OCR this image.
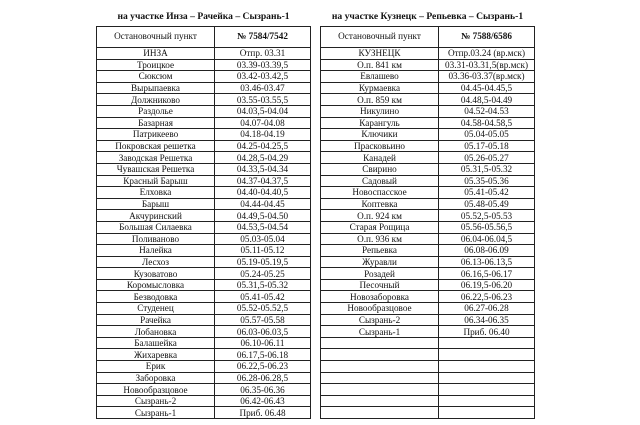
на участке Инза – Рачейка – Сызрань-1	
Остановочный пункт	№ 7584/7542
ИНЗА	Отпр. 03.31
Троицкое	03.39-03.39,5
Сюксюм	03.42-03.42,5
Вырыпаевка	03.46-03.47
Должниково	03.55-03.55,5
Раздолье	04.03,5-04.04
Базарная	04.07-04.08
Патрикеево	04.18-04.19
Покровская решетка	04.25-04.25,5
Заводская Решетка	04.28,5-04.29
Чувашская Решетка	04.33,5-04.34
Красный Барыш	04.37-04.37,5
Елховка	04.40-04.40,5
Барыш	04.44-04.45
Акчуринский	04.49,5-04.50
Большая Силаевка	04.53,5-04.54
Поливаново	05.03-05.04
Налейка	05.11-05.12
Лесхоз	05.19-05.19,5
Кузоватово	05.24-05.25
Коромысловка	05.31,5-05.32
Безводовка	05.41-05.42
Студенец	05.52-05.52,5
Рачейка	05.57-05.58
Лобановка	06.03-06.03,5
Балашейка	06.10-06.11
Жихаревка	06.17,5-06.18
Ерик	06.22,5-06.23
Заборовка	06.28-06.28,5
Новообразцовое	06.35-06.36
Сызрань-2	06.42-06.43
Сызрань-1	Приб. 06.48
на участке Кузнецк – Репьевка – Сызрань-1	
Остановочный пункт	№ 7588/6586
КУЗНЕЦК	Отпр.03.24 (вр.мск)
О.п. 841 км	03.31-03.31,5(вр.мск)
Евлашево	03.36-03.37(вр.мск)
Курмаевка	04.45-04.45,5
О.п. 859 км	04.48,5-04.49
Никулино	04.52-04.53
Карангуль	04.58-04.58,5
Ключики	05.04-05.05
Прасковьино	05.17-05.18
Канадей	05.26-05.27
Свирино	05.31,5-05.32
Садовый	05.35-05.36
Новоспасское	05.41-05.42
Коптевка	05.48-05.49
О.п. 924 км	05.52,5-05.53
Старая Рощица	05.56-05.56,5
О.п. 936 км	06.04-06.04,5
Репьевка	06.08-06.09
Журавли	06.13-06.13,5
Розадей	06.16,5-06.17
Песочный	06.19,5-06.20
Новозаборовка	06.22,5-06.23
Новообразцовое	06.27-06.28
Сызрань-2	06.34-06.35
Сызрань-1	Приб. 06.40
